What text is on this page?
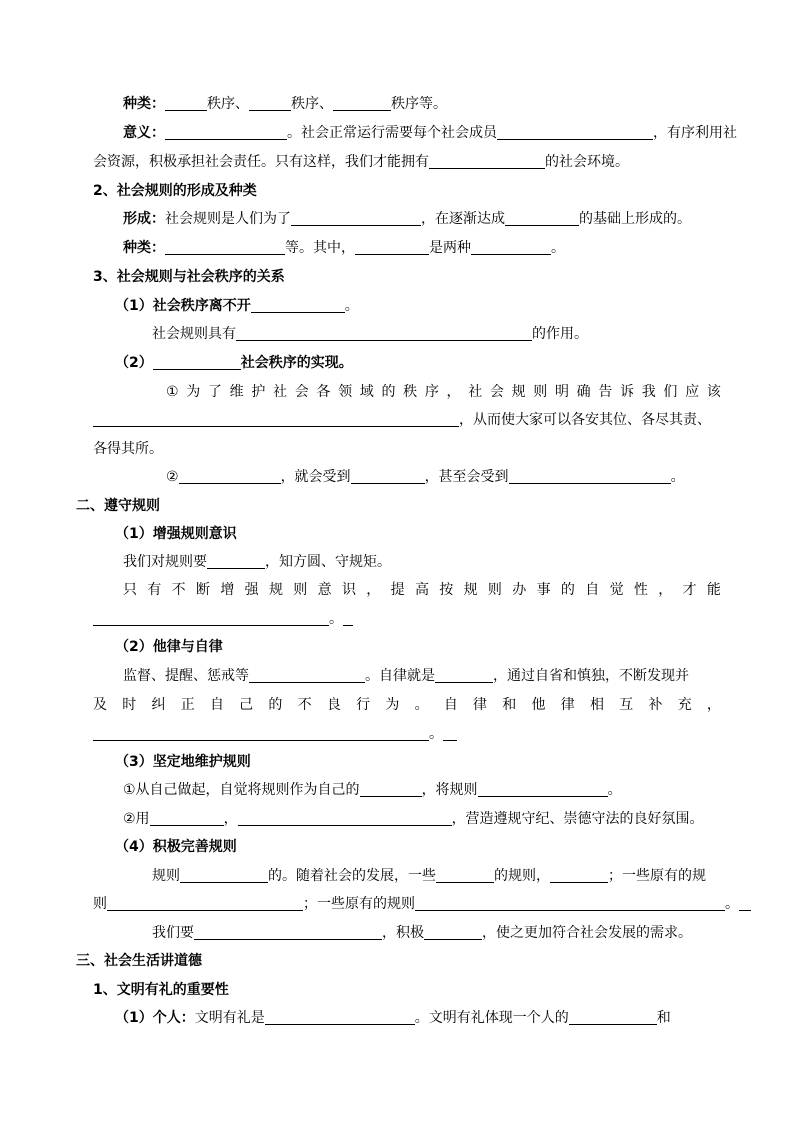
种类：	秩序、	秩序、	秩序等。
意义：	。社会正常运行需要每个社会成员	，有序利用社
会资源，积极承担社会责任。只有这样，我们才能拥有	的社会环境。
2、社会规则的形成及种类
形成：社会规则是人们为了	，在逐渐达成	的基础上形成的。
种类：	等。其中，	是两种	。
3、社会规则与社会秩序的关系
（1）社会秩序离不开	。
社会规则具有	的作用。
（2）	社会秩序的实现。
① 为 了 维 护 社 会 各 领 域 的 秩 序 ， 社 会 规 则 明 确 告 诉 我 们 应 该
，从而使大家可以各安其位、各尽其责、
各得其所。
②	，就会受到	，甚至会受到	。
二、遵守规则
（1）增强规则意识
我们对规则要	，知方圆、守规矩。
只 有 不 断 增 强 规 则 意 识 ， 提 高 按 规 则 办 事 的 自 觉 性 ， 才 能
。
（2）他律与自律
监督、提醒、惩戒等	。自律就是	，通过自省和慎独，不断发现并
及 时 纠 正 自 己 的 不 良 行 为 。 自 律 和 他 律 相 互 补 充 ，
。
（3）坚定地维护规则
①从自己做起，自觉将规则作为自己的	，将规则	。
②用	，	，营造遵规守纪、崇德守法的良好氛围。
（4）积极完善规则
规则	的。随着社会的发展，一些	的规则，	；一些原有的规
则	；一些原有的规则	。
我们要	，积极	，使之更加符合社会发展的需求。
三、社会生活讲道德
1、文明有礼的重要性
（1）个人：文明有礼是	。文明有礼体现一个人的	和
